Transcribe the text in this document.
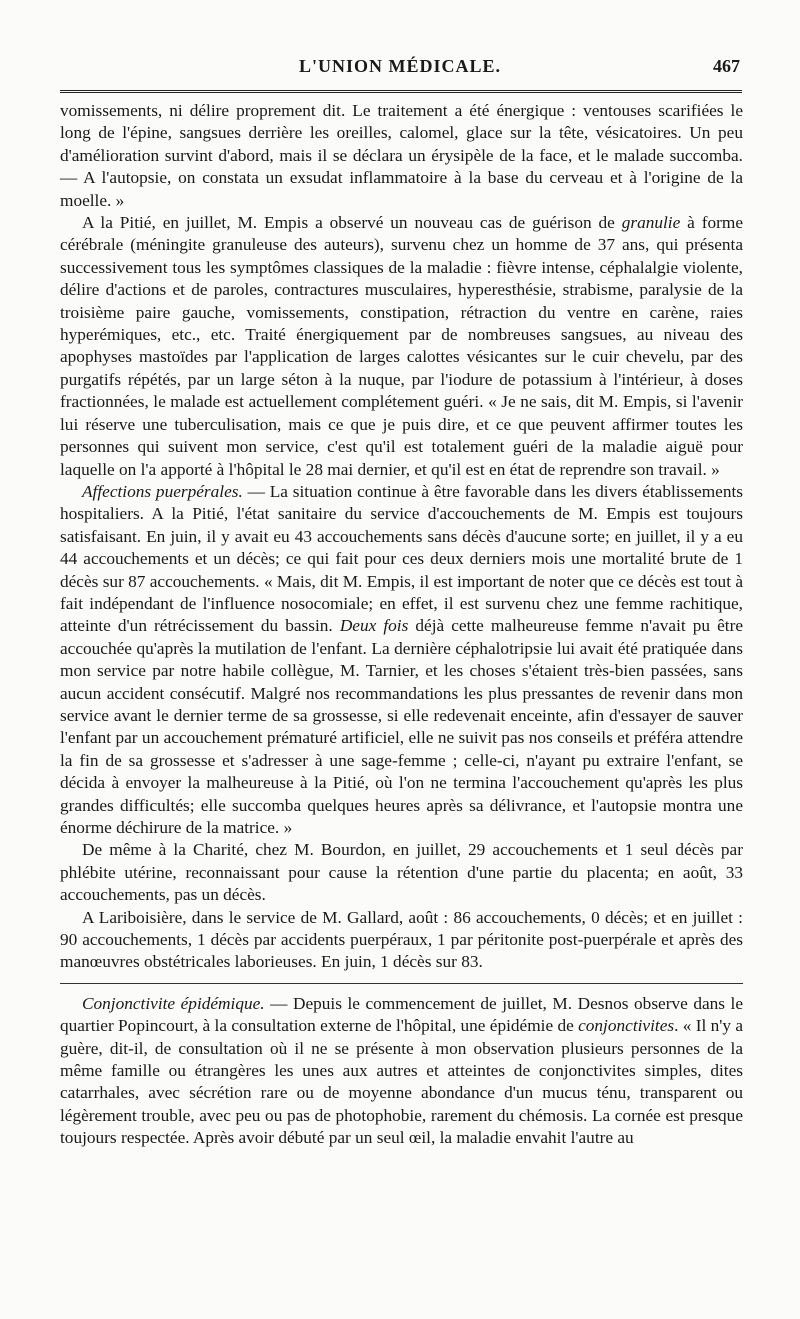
L'UNION MÉDICALE.	467

vomissements, ni délire proprement dit. Le traitement a été énergique : ventouses scarifiées le long de l'épine, sangsues derrière les oreilles, calomel, glace sur la tête, vésicatoires. Un peu d'amélioration survint d'abord, mais il se déclara un érysipèle de la face, et le malade succomba. — A l'autopsie, on constata un exsudat inflammatoire à la base du cerveau et à l'origine de la moelle. »

A la Pitié, en juillet, M. Empis a observé un nouveau cas de guérison de granulie à forme cérébrale (méningite granuleuse des auteurs), survenu chez un homme de 37 ans, qui présenta successivement tous les symptômes classiques de la maladie : fièvre intense, céphalalgie violente, délire d'actions et de paroles, contractures musculaires, hyperesthésie, strabisme, paralysie de la troisième paire gauche, vomissements, constipation, rétraction du ventre en carène, raies hyperémiques, etc., etc. Traité énergiquement par de nombreuses sangsues, au niveau des apophyses mastoïdes par l'application de larges calottes vésicantes sur le cuir chevelu, par des purgatifs répétés, par un large séton à la nuque, par l'iodure de potassium à l'intérieur, à doses fractionnées, le malade est actuellement complétement guéri. « Je ne sais, dit M. Empis, si l'avenir lui réserve une tuberculisation, mais ce que je puis dire, et ce que peuvent affirmer toutes les personnes qui suivent mon service, c'est qu'il est totalement guéri de la maladie aiguë pour laquelle on l'a apporté à l'hôpital le 28 mai dernier, et qu'il est en état de reprendre son travail. »

Affections puerpérales. — La situation continue à être favorable dans les divers établissements hospitaliers. A la Pitié, l'état sanitaire du service d'accouchements de M. Empis est toujours satisfaisant. En juin, il y avait eu 43 accouchements sans décès d'aucune sorte; en juillet, il y a eu 44 accouchements et un décès; ce qui fait pour ces deux derniers mois une mortalité brute de 1 décès sur 87 accouchements. « Mais, dit M. Empis, il est important de noter que ce décès est tout à fait indépendant de l'influence nosocomiale; en effet, il est survenu chez une femme rachitique, atteinte d'un rétrécissement du bassin. Deux fois déjà cette malheureuse femme n'avait pu être accouchée qu'après la mutilation de l'enfant. La dernière céphalotripsie lui avait été pratiquée dans mon service par notre habile collègue, M. Tarnier, et les choses s'étaient très-bien passées, sans aucun accident consécutif. Malgré nos recommandations les plus pressantes de revenir dans mon service avant le dernier terme de sa grossesse, si elle redevenait enceinte, afin d'essayer de sauver l'enfant par un accouchement prématuré artificiel, elle ne suivit pas nos conseils et préféra attendre la fin de sa grossesse et s'adresser à une sage-femme ; celle-ci, n'ayant pu extraire l'enfant, se décida à envoyer la malheureuse à la Pitié, où l'on ne termina l'accouchement qu'après les plus grandes difficultés; elle succomba quelques heures après sa délivrance, et l'autopsie montra une énorme déchirure de la matrice. »

De même à la Charité, chez M. Bourdon, en juillet, 29 accouchements et 1 seul décès par phlébite utérine, reconnaissant pour cause la rétention d'une partie du placenta; en août, 33 accouchements, pas un décès.

A Lariboisière, dans le service de M. Gallard, août : 86 accouchements, 0 décès; et en juillet : 90 accouchements, 1 décès par accidents puerpéraux, 1 par péritonite post-puerpérale et après des manœuvres obstétricales laborieuses. En juin, 1 décès sur 83.

Conjonctivite épidémique. — Depuis le commencement de juillet, M. Desnos observe dans le quartier Popincourt, à la consultation externe de l'hôpital, une épidémie de conjonctivites. « Il n'y a guère, dit-il, de consultation où il ne se présente à mon observation plusieurs personnes de la même famille ou étrangères les unes aux autres et atteintes de conjonctivites simples, dites catarrhales, avec sécrétion rare ou de moyenne abondance d'un mucus ténu, transparent ou légèrement trouble, avec peu ou pas de photophobie, rarement du chémosis. La cornée est presque toujours respectée. Après avoir débuté par un seul œil, la maladie envahit l'autre au
